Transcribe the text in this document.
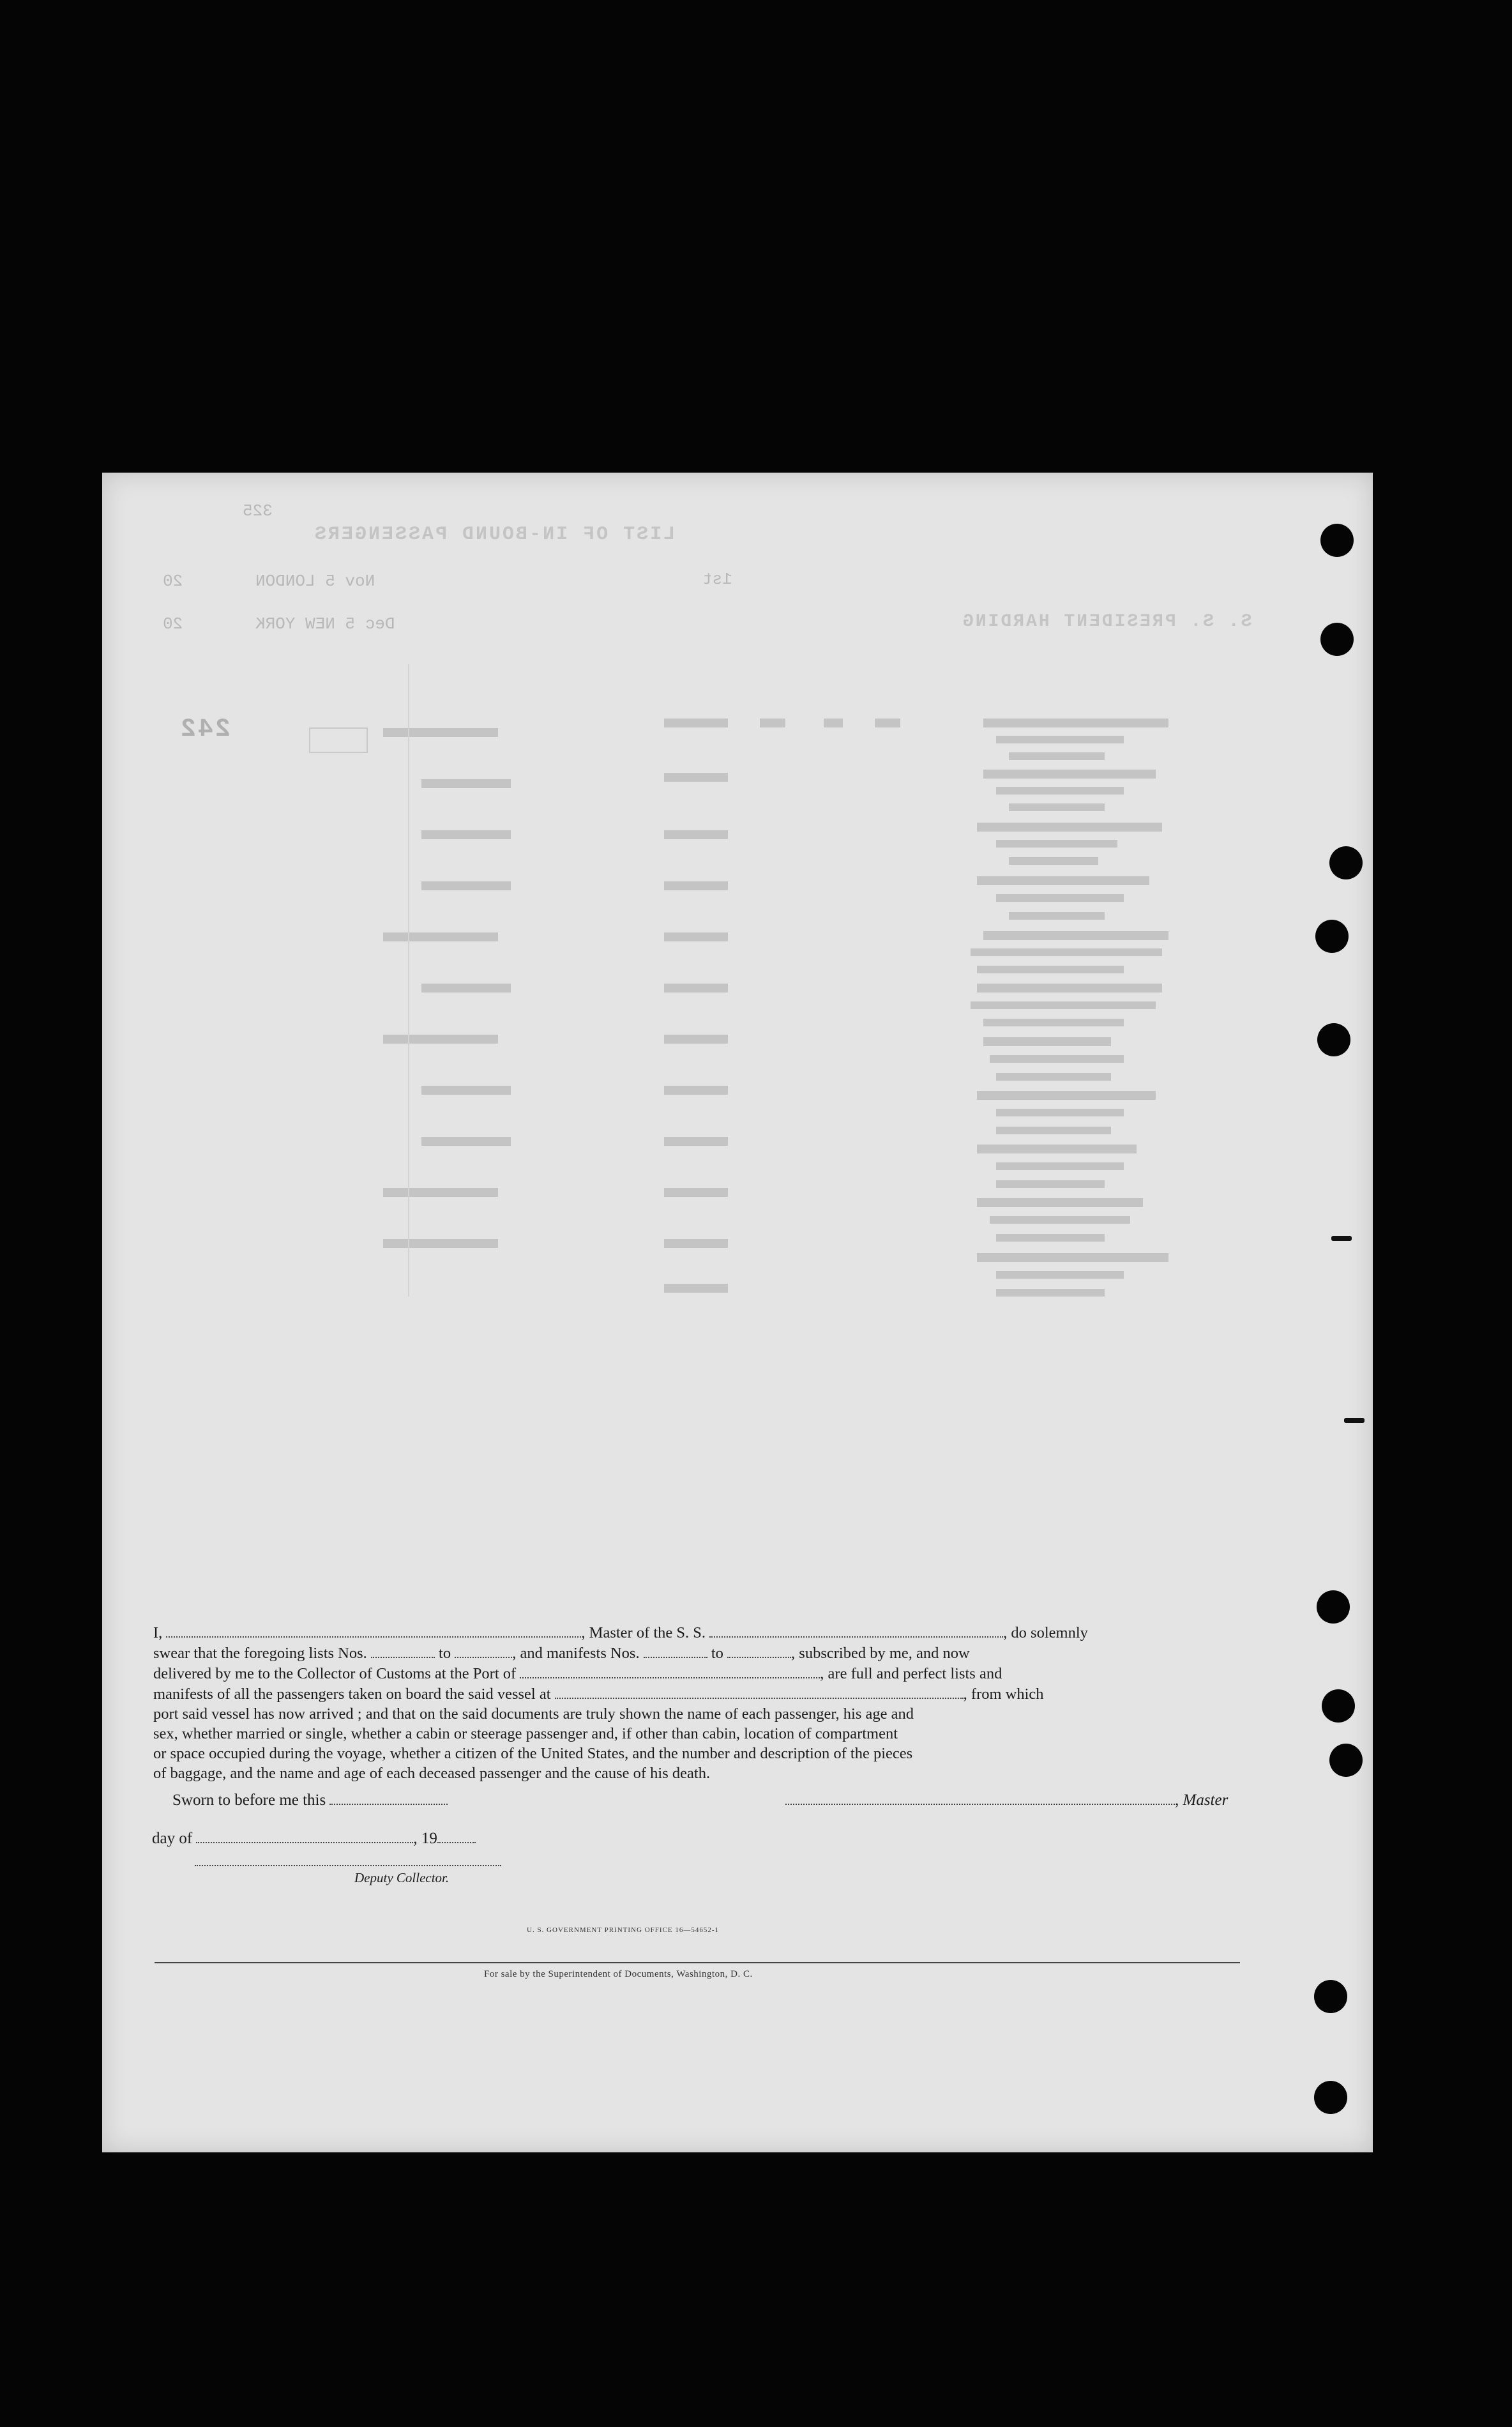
325
LIST OF IN-BOUND PASSENGERS
20	Nov 5 LONDON	1st
20	Dec 5 NEW YORK	S. S. PRESIDENT HARDING
242
I,	, Master of the S. S.	, do solemnly
swear that the foregoing lists Nos.	to	, and manifests Nos.	to	, subscribed by me, and now
delivered by me to the Collector of Customs at the Port of	, are full and perfect lists and
manifests of all the passengers taken on board the said vessel at	, from which
port said vessel has now arrived ; and that on the said documents are truly shown the name of each passenger, his age and
sex, whether married or single, whether a cabin or steerage passenger and, if other than cabin, location of compartment
or space occupied during the voyage, whether a citizen of the United States, and the number and description of the pieces
of baggage, and the name and age of each deceased passenger and the cause of his death.
Sworn to before me this	, Master
day of	, 19
Deputy Collector.
U. S. GOVERNMENT PRINTING OFFICE 16—54652-1
For sale by the Superintendent of Documents, Washington, D. C.
